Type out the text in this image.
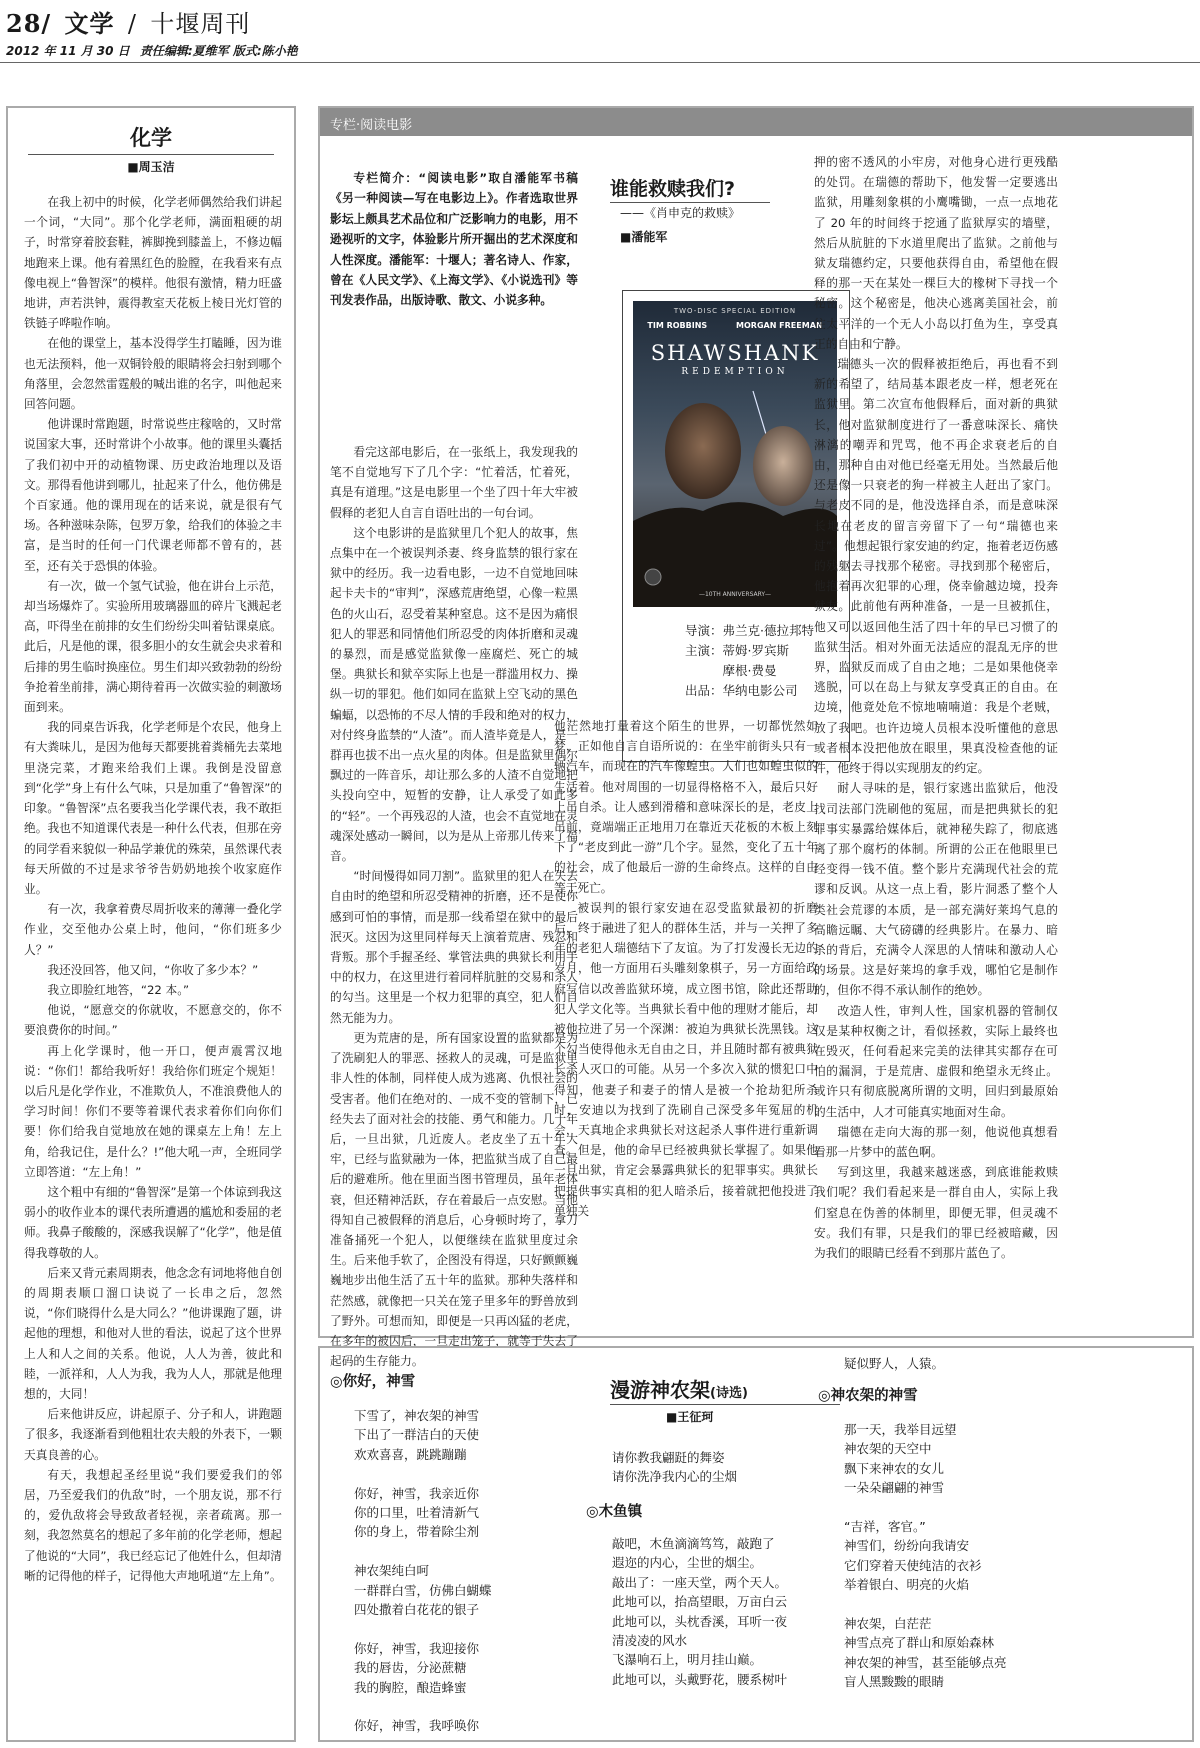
28/ 文学 / 十堰周刊
2012 年 11 月 30 日 责任编辑:夏维军 版式:陈小艳
化学
■周玉洁

在我上初中的时候，化学老师偶然给我们讲起一个词，“大同”。那个化学老师，满面粗硬的胡子，时常穿着胶套鞋，裤脚挽到膝盖上，不修边幅地跑来上课。他有着黑红色的脸膛，在我看来有点像电视上“鲁智深”的模样。他很有激情，精力旺盛地讲，声若洪钟，震得教室天花板上棱日光灯管的铁链子哗啦作响。

在他的课堂上，基本没得学生打瞌睡，因为谁也无法预料，他一双铜铃般的眼睛将会扫射到哪个角落里，会忽然雷霆般的喊出谁的名字，叫他起来回答问题。

他讲课时常跑题，时常说些庄稼啥的，又时常说国家大事，还时常讲个小故事。他的课里头囊括了我们初中开的动植物课、历史政治地理以及语文。那得看他讲到哪儿，扯起来了什么，他仿佛是个百家通。他的课用现在的话来说，就是很有气场。各种滋味杂陈，包罗万象，给我们的体验之丰富，是当时的任何一门代课老师都不曾有的，甚至，还有关于恐惧的体验。

有一次，做一个氢气试验，他在讲台上示范，却当场爆炸了。实验所用玻璃器皿的碎片飞溅起老高，吓得坐在前排的女生们纷纷尖叫着钻课桌底。此后，凡是他的课，很多胆小的女生就会央求着和后排的男生临时换座位。男生们却兴致勃勃的纷纷争抢着坐前排，满心期待着再一次做实验的刺激场面到来。

我的同桌告诉我，化学老师是个农民，他身上有大粪味儿，是因为他每天都要挑着粪桶先去菜地里浇完菜，才跑来给我们上课。我倒是没留意到“化学”身上有什么气味，只是加重了“鲁智深”的印象。“鲁智深”点名要我当化学课代表，我不敢拒绝。我也不知道课代表是一种什么代表，但那在旁的同学看来貌似一种品学兼优的殊荣，虽然课代表每天所做的不过是求爷爷告奶奶地挨个收家庭作业。

有一次，我拿着费尽周折收来的薄薄一叠化学作业，交至他办公桌上时，他问，“你们班多少人？”

我还没回答，他又问，“你收了多少本？”

我立即脸红地答，“22 本。”

他说，“愿意交的你就收，不愿意交的，你不要浪费你的时间。”

再上化学课时，他一开口，便声震霄汉地说：“你们！都给我听好！我给你们班定个规矩！以后凡是化学作业，不准欺负人，不准浪费他人的学习时间！你们不要等着课代表求着你们向你们要！你们给我自觉地放在她的课桌左上角！左上角，给我记住，是什么？!”他大吼一声，全班同学立即答道：“左上角！”

这个粗中有细的“鲁智深”是第一个体谅到我这弱小的收作业本的课代表所遭遇的尴尬和委屈的老师。我鼻子酸酸的，深感我误解了“化学”，他是值得我尊敬的人。

后来又背元素周期表，他念念有词地将他自创的周期表顺口溜口诀说了一长串之后，忽然说，“你们晓得什么是大同么？”他讲课跑了题，讲起他的理想，和他对人世的看法，说起了这个世界上人和人之间的关系。他说，人人为善，彼此和睦，一派祥和，人人为我，我为人人，那就是他理想的，大同！

后来他讲反应，讲起原子、分子和人，讲跑题了很多，我逐渐看到他粗壮农夫般的外表下，一颗天真良善的心。

有天，我想起圣经里说“我们要爱我们的邻居，乃至爱我们的仇敌”时，一个朋友说，那不行的，爱仇敌将会导致敌者轻视，亲者疏离。那一刻，我忽然莫名的想起了多年前的化学老师，想起了他说的“大同”，我已经忘记了他姓什么，但却清晰的记得他的样子，记得他大声地吼道“左上角”。

专栏·阅读电影

专栏简介：“阅读电影”取自潘能军书稿《另一种阅读—写在电影边上》。作者选取世界影坛上颇具艺术品位和广泛影响力的电影，用不逊视听的文字，体验影片所开掘出的艺术深度和人性深度。潘能军：十堰人；著名诗人、作家，曾在《人民文学》、《上海文学》、《小说选刊》等刊发表作品，出版诗歌、散文、小说多种。

看完这部电影后，在一张纸上，我发现我的笔不自觉地写下了几个字：“忙着活，忙着死，真是有道理。”这是电影里一个坐了四十年大牢被假释的老犯人自言自语吐出的一句台词。

这个电影讲的是监狱里几个犯人的故事，焦点集中在一个被误判杀妻、终身监禁的银行家在狱中的经历。我一边看电影，一边不自觉地回味起卡夫卡的“审判”，深感荒唐绝望，心像一粒黑色的火山石，忍受着某种窒息。这不是因为痛恨犯人的罪恶和同情他们所忍受的肉体折磨和灵魂的暴烈，而是感觉监狱像一座腐烂、死亡的城堡。典狱长和狱卒实际上也是一群滥用权力、操纵一切的罪犯。他们如同在监狱上空飞动的黑色蝙蝠，以恐怖的不尽人情的手段和绝对的权力，对付终身监禁的“人渣”。而人渣毕竟是人，是一群再也拔不出一点火星的肉体。但是监狱里偶尔飘过的一阵音乐，却让那么多的人渣不自觉地把头投向空中，短暂的安静，让人承受了如此多的“轻”。一个再残忍的人渣，也会不直觉地在灵魂深处感动一瞬间，以为是从上帝那儿传来了福音。

“时间慢得如同刀割”。监狱里的犯人在失去自由时的绝望和所忍受精神的折磨，还不是使你感到可怕的事情，而是那一线希望在狱中的最后泯灭。这因为这里同样每天上演着荒唐、残忍和背叛。那个手握圣经、掌管法典的典狱长利用手中的权力，在这里进行着同样肮脏的交易和杀人的勾当。这里是一个权力犯罪的真空，犯人们自然无能为力。

更为荒唐的是，所有国家设置的监狱都是为了洗刷犯人的罪恶、拯救人的灵魂，可是监狱里非人性的体制，同样使人成为逃离、仇恨社会的受害者。他们在绝对的、一成不变的管制下，已经失去了面对社会的技能、勇气和能力。几十年后，一旦出狱，几近废人。老皮坐了五十年大牢，已经与监狱融为一体，把监狱当成了自己最后的避难所。他在里面当图书管理员，虽年老体衰，但还精神活跃，存在着最后一点安慰。当他得知自己被假释的消息后，心身顿时垮了，拿刀准备捅死一个犯人，以便继续在监狱里度过余生。后来他手软了，企图没有得逞，只好颤颤巍巍地步出他生活了五十年的监狱。那种失落样和茫然感，就像把一只关在笼子里多年的野兽放到了野外。可想而知，即便是一只再凶猛的老虎，在多年的被囚后，一旦走出笼子，就等于失去了起码的生存能力。

谁能救赎我们?
——《肖申克的救赎》
■潘能军
TWO-DISC SPECIAL EDITION
TIM ROBBINS	MORGAN FREEMAN
SHAWSHANK
REDEMPTION
—10TH ANNIVERSARY—
导演：弗兰克·德拉邦特
主演：蒂姆·罗宾斯
摩根·费曼
出品：华纳电影公司

他茫然地打量着这个陌生的世界，一切都恍然如梦，正如他自言自语所说的：在坐牢前街头只有一辆汽车，而现在的汽车像蝗虫。人们也如蝗虫似的生活着。他对周围的一切显得格格不入，最后只好上吊自杀。让人感到滑稽和意味深长的是，老皮上吊前，竟端端正正地用刀在靠近天花板的木板上刻下了“老皮到此一游”几个字。显然，变化了五十年的社会，成了他最后一游的生命终点。这样的自由等于死亡。

被误判的银行家安迪在忍受监狱最初的折磨后，终于融进了犯人的群体生活，并与一关押了多年的老犯人瑞德结下了友谊。为了打发漫长无边的岁月，他一方面用石头雕刻象棋子，另一方面给政府写信以改善监狱环境，成立图书馆，除此还帮助犯人学文化等。当典狱长看中他的理财才能后，却被他拉进了另一个深渊：被迫为典狱长洗黑钱。这个勾当使得他永无自由之日，并且随时都有被典狱长杀人灭口的可能。从另一个多次入狱的惯犯口中得知，他妻子和妻子的情人是被一个抢劫犯所杀时，安迪以为找到了洗刷自己深受多年冤屈的机会，天真地企求典狱长对这起杀人事件进行重新调查。但是，他的命早已经被典狱长掌握了。如果他一旦出狱，肯定会暴露典狱长的犯罪事实。典狱长把提供事实真相的犯人暗杀后，接着就把他投进了单独关

押的密不透风的小牢房，对他身心进行更残酷的处罚。在瑞德的帮助下，他发誓一定要逃出监狱，用雕刻象棋的小鹰嘴锄，一点一点地花了 20 年的时间终于挖通了监狱厚实的墙壁，然后从肮脏的下水道里爬出了监狱。之前他与狱友瑞德约定，只要他获得自由，希望他在假释的那一天在某处一棵巨大的橡树下寻找一个秘密。这个秘密是，他决心逃离美国社会，前往太平洋的一个无人小岛以打鱼为生，享受真正的自由和宁静。

瑞德头一次的假释被拒绝后，再也看不到新的希望了，结局基本跟老皮一样，想老死在监狱里。第二次宣布他假释后，面对新的典狱长，他对监狱制度进行了一番意味深长、痛快淋漓的嘲弄和咒骂，他不再企求衰老后的自由，那种自由对他已经毫无用处。当然最后他还是像一只衰老的狗一样被主人赶出了家门。与老皮不同的是，他没选择自杀，而是意味深长地在老皮的留言旁留下了一句“瑞德也来过”。他想起银行家安迪的约定，拖着老迈伤感的残躯去寻找那个秘密。寻找到那个秘密后，他抱着再次犯罪的心理，侥幸偷越边境，投奔狱友。此前他有两种准备，一是一旦被抓住，他又可以返回他生活了四十年的早已习惯了的监狱生活。相对外面无法适应的混乱无序的世界，监狱反而成了自由之地；二是如果他侥幸逃脱，可以在岛上与狱友享受真正的自由。在边境，他竟处危不惊地喃喃道：我是个老贼，放了我吧。也许边境人员根本没听懂他的意思或者根本没把他放在眼里，果真没检查他的证件，他终于得以实现朋友的约定。

耐人寻味的是，银行家逃出监狱后，他没找司法部门洗刷他的冤屈，而是把典狱长的犯罪事实暴露给媒体后，就神秘失踪了，彻底逃离了那个腐朽的体制。所谓的公正在他眼里已经变得一钱不值。整个影片充满现代社会的荒谬和反讽。从这一点上看，影片洞悉了整个人类社会荒谬的本质，是一部充满好莱坞气息的高瞻远瞩、大气磅礴的经典影片。在暴力、暗杀的背后，充满令人深思的人情味和激动人心的场景。这是好莱坞的拿手戏，哪怕它是制作的，但你不得不承认制作的绝妙。

改造人性，审判人性，国家机器的管制仅仅是某种权衡之计，看似拯救，实际上最终也在毁灭，任何看起来完美的法律其实都存在可怕的漏洞，于是荒唐、虚假和绝望永无终止。或许只有彻底脱离所谓的文明，回归到最原始的生活中，人才可能真实地面对生命。

瑞德在走向大海的那一刻，他说他真想看看那一片梦中的蓝色啊。

写到这里，我越来越迷惑，到底谁能救赎我们呢？我们看起来是一群自由人，实际上我们窒息在伪善的体制里，即便无罪，但灵魂不安。我们有罪，只是我们的罪已经被暗藏，因为我们的眼睛已经看不到那片蓝色了。

◎你好，神雪
下雪了，神农架的神雪
下出了一群洁白的天使
欢欢喜喜，跳跳蹦蹦
你好，神雪，我亲近你
你的口里，吐着清新气
你的身上，带着除尘剂
神农架纯白呵
一群群白雪，仿佛白蝴蝶
四处撒着白花花的银子
你好，神雪，我迎接你
我的唇齿，分泌蔗糖
我的胸腔，酿造蜂蜜
你好，神雪，我呼唤你
漫游神农架(诗选)
■王征珂
请你教我翩跹的舞姿
请你洗净我内心的尘烟
◎木鱼镇
敲吧，木鱼滴滴笃笃，敲跑了
遐迩的内心，尘世的烟尘。
敲出了：一座天堂，两个天人。
此地可以，抬高望眼，万亩白云
此地可以，头枕香溪，耳听一夜
清凌凌的风水
飞瀑响石上，明月挂山巅。
此地可以，头戴野花，腰系树叶
疑似野人，人猿。
◎神农架的神雪
那一天，我举目远望
神农架的天空中
飘下来神农的女儿
一朵朵翩翩的神雪
“吉祥，客官。”
神雪们，纷纷向我请安
它们穿着天使纯洁的衣衫
举着银白、明亮的火焰
神农架，白茫茫
神雪点亮了群山和原始森林
神农架的神雪，甚至能够点亮
盲人黑黢黢的眼睛
